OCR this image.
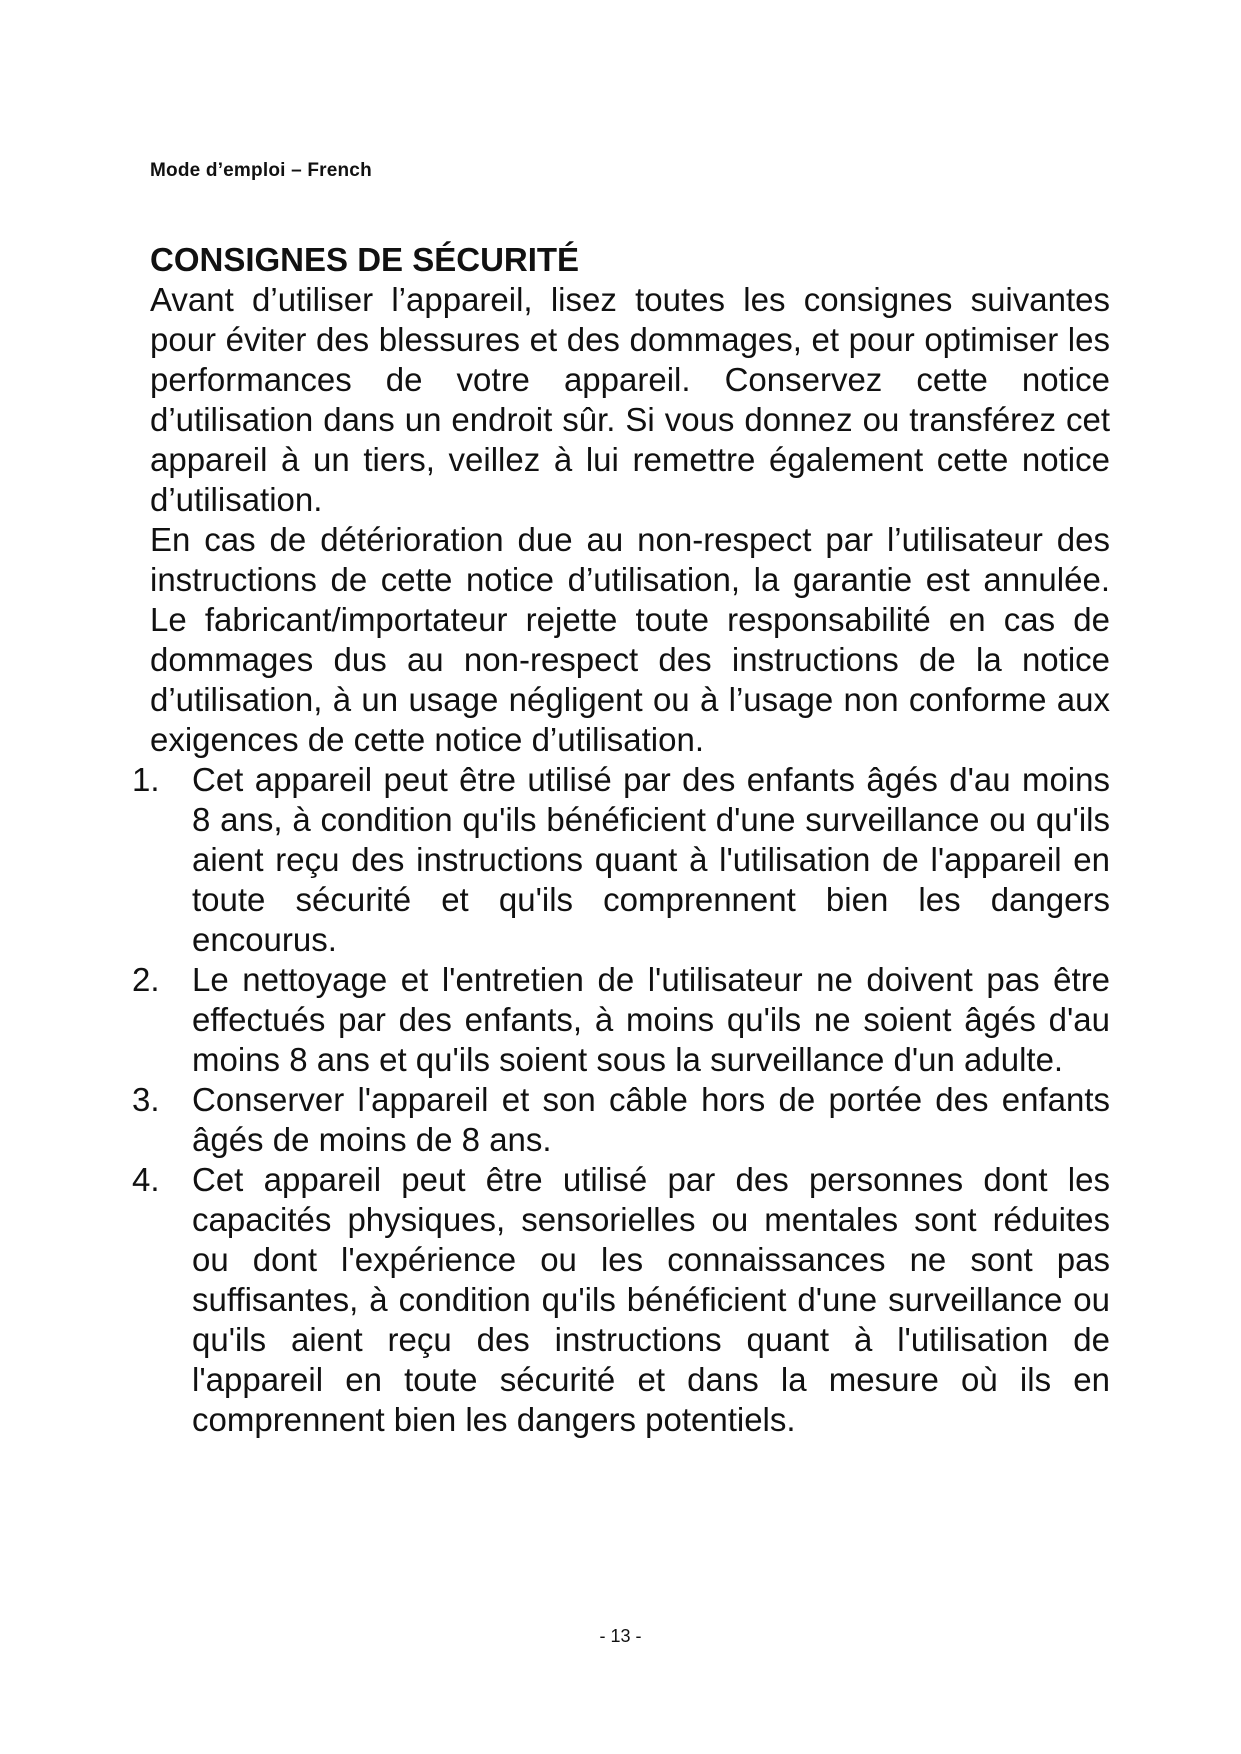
Mode d’emploi – French
CONSIGNES DE SÉCURITÉ

Avant d’utiliser l’appareil, lisez toutes les consignes suivantes pour éviter des blessures et des dommages, et pour optimiser les performances de votre appareil. Conservez cette notice d’utilisation dans un endroit sûr. Si vous donnez ou transférez cet appareil à un tiers, veillez à lui remettre également cette notice d’utilisation.

En cas de détérioration due au non-respect par l’utilisateur des instructions de cette notice d’utilisation, la garantie est annulée. Le fabricant/importateur rejette toute responsabilité en cas de dommages dus au non-respect des instructions de la notice d’utilisation, à un usage négligent ou à l’usage non conforme aux exigences de cette notice d’utilisation.

1. Cet appareil peut être utilisé par des enfants âgés d'au moins 8 ans, à condition qu'ils bénéficient d'une surveillance ou qu'ils aient reçu des instructions quant à l'utilisation de l'appareil en toute sécurité et qu'ils comprennent bien les dangers encourus.
2. Le nettoyage et l'entretien de l'utilisateur ne doivent pas être effectués par des enfants, à moins qu'ils ne soient âgés d'au moins 8 ans et qu'ils soient sous la surveillance d'un adulte.
3. Conserver l'appareil et son câble hors de portée des enfants âgés de moins de 8 ans.
4. Cet appareil peut être utilisé par des personnes dont les capacités physiques, sensorielles ou mentales sont réduites ou dont l'expérience ou les connaissances ne sont pas suffisantes, à condition qu'ils bénéficient d'une surveillance ou qu'ils aient reçu des instructions quant à l'utilisation de l'appareil en toute sécurité et dans la mesure où ils en comprennent bien les dangers potentiels.
- 13 -
